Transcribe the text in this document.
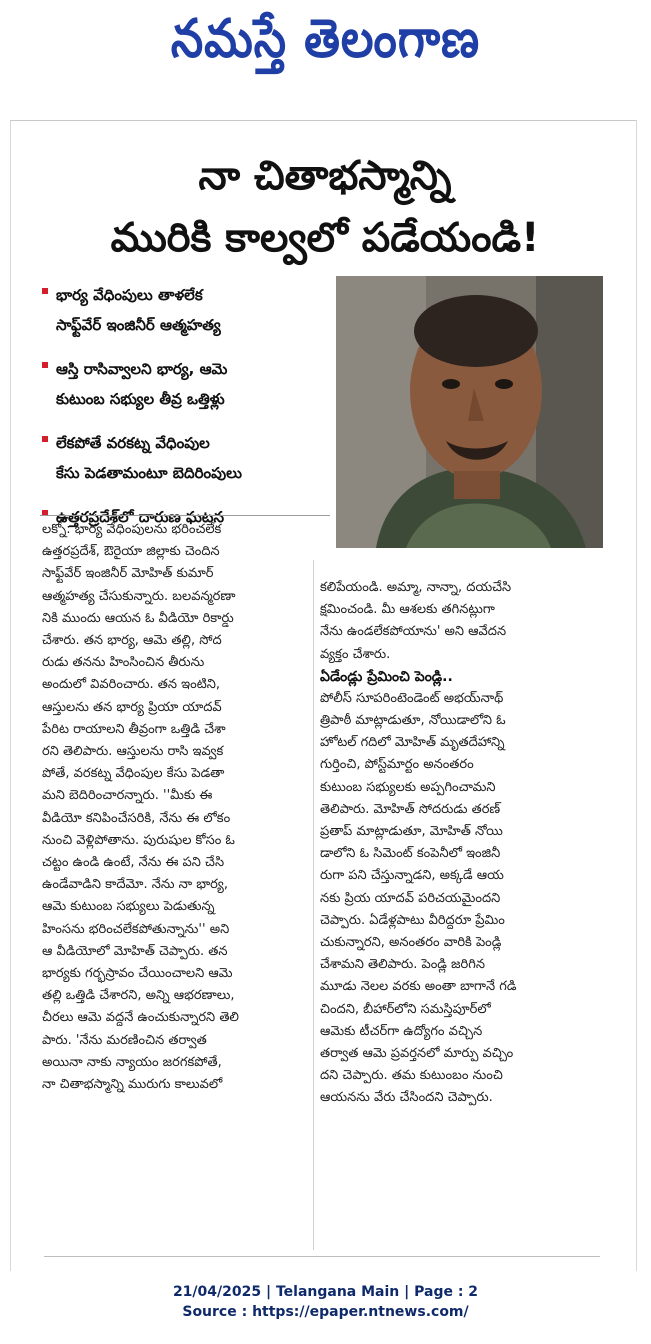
నమస్తే తెలంగాణ
నా చితాభస్మాన్ని
మురికి కాల్వలో పడేయండి!
భార్య వేధింపులు తాళలేక
సాఫ్ట్‌వేర్ ఇంజినీర్ ఆత్మహత్య
ఆస్తి రాసివ్వాలని భార్య, ఆమె
కుటుంబ సభ్యుల తీవ్ర ఒత్తిళ్లు
లేకపోతే వరకట్న వేధింపుల
కేసు పెడతామంటూ బెదిరింపులు
ఉత్తరప్రదేశ్‌లో దారుణ ఘటన
లక్నో: భార్య వేధింపులను భరించలేక
ఉత్తరప్రదేశ్, ఔరైయా జిల్లాకు చెందిన
సాఫ్ట్‌వేర్ ఇంజినీర్ మోహిత్ కుమార్
ఆత్మహత్య చేసుకున్నారు. బలవన్మరణా
నికి ముందు ఆయన ఓ వీడియో రికార్డు
చేశారు. తన భార్య, ఆమె తల్లి, సోద
రుడు తనను హింసించిన తీరును
అందులో వివరించారు. తన ఇంటిని,
ఆస్తులను తన భార్య ప్రియా యాదవ్
పేరిట రాయాలని తీవ్రంగా ఒత్తిడి చేశా
రని తెలిపారు. ఆస్తులను రాసి ఇవ్వక
పోతే, వరకట్న వేధింపుల కేసు పెడతా
మని బెదిరించారన్నారు. ''మీకు ఈ
వీడియో కనిపించేసరికి, నేను ఈ లోకం
నుంచి వెళ్లిపోతాను. పురుషుల కోసం ఓ
చట్టం ఉండి ఉంటే, నేను ఈ పని చేసి
ఉండేవాడిని కాదేమో. నేను నా భార్య,
ఆమె కుటుంబ సభ్యులు పెడుతున్న
హింసను భరించలేకపోతున్నాను'' అని
ఆ వీడియోలో మోహిత్ చెప్పారు. తన
భార్యకు గర్భస్రావం చేయించాలని ఆమె
తల్లి ఒత్తిడి చేశారని, అన్ని ఆభరణాలు,
చీరలు ఆమె వద్దనే ఉంచుకున్నారని తెలి
పారు. 'నేను మరణించిన తర్వాత
అయినా నాకు న్యాయం జరగకపోతే,
నా చితాభస్మాన్ని మురుగు కాలువలో
కలిపేయండి. అమ్మా, నాన్నా, దయచేసి
క్షమించండి. మీ ఆశలకు తగినట్లుగా
నేను ఉండలేకపోయాను' అని ఆవేదన
వ్యక్తం చేశారు.
ఏడేండ్లు ప్రేమించి పెండ్లి..
పోలీస్ సూపరింటెండెంట్ అభయ్‌నాథ్
త్రిపాఠీ మాట్లాడుతూ, నోయిడాలోని ఓ
హోటల్ గదిలో మోహిత్ మృతదేహాన్ని
గుర్తించి, పోస్ట్‌మార్టం అనంతరం
కుటుంబ సభ్యులకు అప్పగించామని
తెలిపారు. మోహిత్ సోదరుడు తరణ్
ప్రతాప్ మాట్లాడుతూ, మోహిత్ నోయి
డాలోని ఓ సిమెంట్ కంపెనీలో ఇంజినీ
రుగా పని చేస్తున్నాడని, అక్కడే ఆయ
నకు ప్రియ యాదవ్ పరిచయమైందని
చెప్పారు. ఏడేళ్లపాటు వీరిద్దరూ ప్రేమిం
చుకున్నారని, అనంతరం వారికి పెండ్లి
చేశామని తెలిపారు. పెండ్లి జరిగిన
మూడు నెలల వరకు అంతా బాగానే గడి
చిందని, బీహార్‌లోని సమస్తిపూర్‌లో
ఆమెకు టీచర్‌గా ఉద్యోగం వచ్చిన
తర్వాత ఆమె ప్రవర్తనలో మార్పు వచ్చిం
దని చెప్పారు. తమ కుటుంబం నుంచి
ఆయనను వేరు చేసిందని చెప్పారు.
21/04/2025 | Telangana Main | Page : 2
Source : https://epaper.ntnews.com/
